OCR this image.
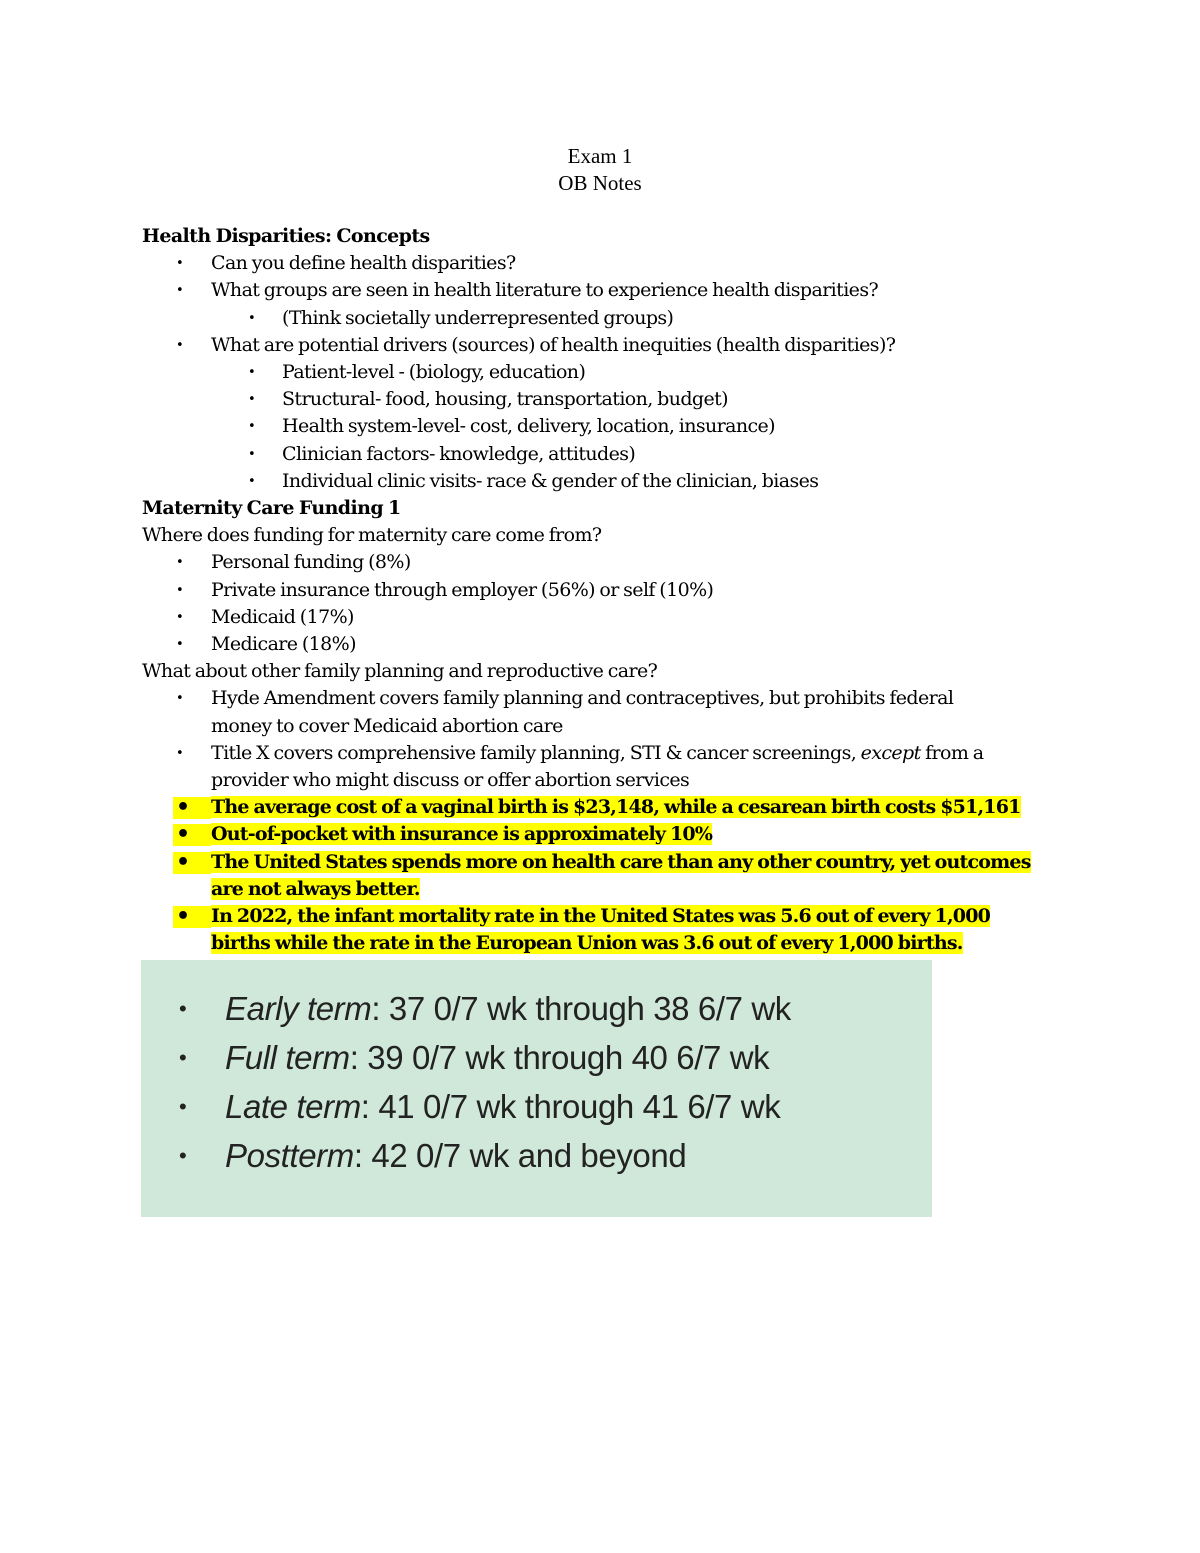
Exam 1
OB Notes

Health Disparities: Concepts

• Can you define health disparities?
• What groups are seen in health literature to experience health disparities?
• (Think societally underrepresented groups)
• What are potential drivers (sources) of health inequities (health disparities)?
• Patient-level - (biology, education)
• Structural- food, housing, transportation, budget)
• Health system-level- cost, delivery, location, insurance)
• Clinician factors- knowledge, attitudes)
• Individual clinic visits- race & gender of the clinician, biases

Maternity Care Funding 1

Where does funding for maternity care come from?

• Personal funding (8%)
• Private insurance through employer (56%) or self (10%)
• Medicaid (17%)
• Medicare (18%)

What about other family planning and reproductive care?

• Hyde Amendment covers family planning and contraceptives, but prohibits federal
money to cover Medicaid abortion care
• Title X covers comprehensive family planning, STI & cancer screenings, except from a
provider who might discuss or offer abortion services
• The average cost of a vaginal birth is $23,148, while a cesarean birth costs $51,161
• Out-of-pocket with insurance is approximately 10%
• The United States spends more on health care than any other country, yet outcomes
are not always better.
• In 2022, the infant mortality rate in the United States was 5.6 out of every 1,000
births while the rate in the European Union was 3.6 out of every 1,000 births.
• Early term: 37 0/7 wk through 38 6/7 wk
• Full term: 39 0/7 wk through 40 6/7 wk
• Late term: 41 0/7 wk through 41 6/7 wk
• Postterm: 42 0/7 wk and beyond
